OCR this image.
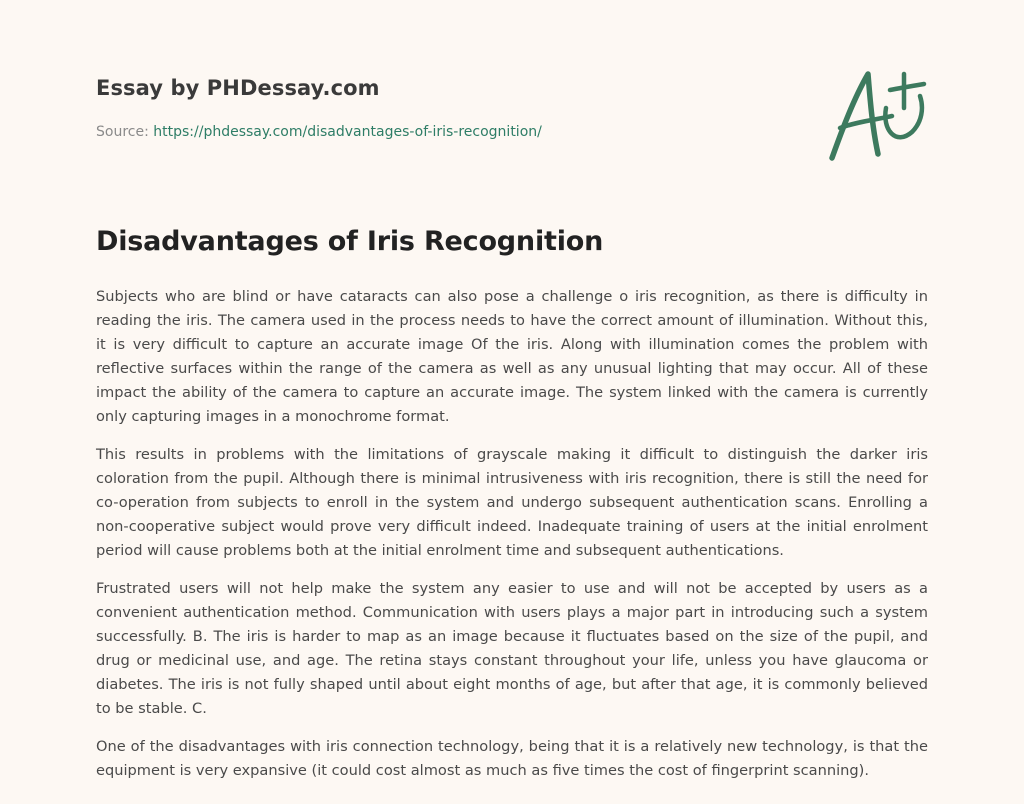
Essay by PHDessay.com
Source: https://phdessay.com/disadvantages-of-iris-recognition/
Disadvantages of Iris Recognition

Subjects who are blind or have cataracts can also pose a challenge o iris recognition, as there is difficulty in reading the iris. The camera used in the process needs to have the correct amount of illumination. Without this, it is very difficult to capture an accurate image Of the iris. Along with illumination comes the problem with reflective surfaces within the range of the camera as well as any unusual lighting that may occur. All of these impact the ability of the camera to capture an accurate image. The system linked with the camera is currently only capturing images in a monochrome format.

This results in problems with the limitations of grayscale making it difficult to distinguish the darker iris coloration from the pupil. Although there is minimal intrusiveness with iris recognition, there is still the need for co-operation from subjects to enroll in the system and undergo subsequent authentication scans. Enrolling a non-cooperative subject would prove very difficult indeed. Inadequate training of users at the initial enrolment period will cause problems both at the initial enrolment time and subsequent authentications.

Frustrated users will not help make the system any easier to use and will not be accepted by users as a convenient authentication method. Communication with users plays a major part in introducing such a system successfully. B. The iris is harder to map as an image because it fluctuates based on the size of the pupil, and drug or medicinal use, and age. The retina stays constant throughout your life, unless you have glaucoma or diabetes. The iris is not fully shaped until about eight months of age, but after that age, it is commonly believed to be stable. C.

One of the disadvantages with iris connection technology, being that it is a relatively new technology, is that the equipment is very expansive (it could cost almost as much as five times the cost of fingerprint scanning).
